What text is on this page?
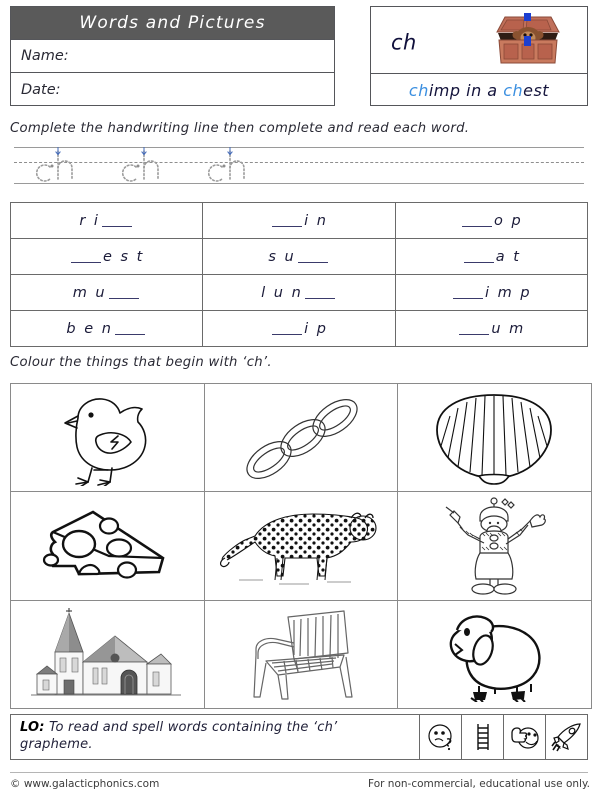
Words and Pictures
Name:
Date:
ch
ch imp in a ch est
Complete the handwriting line then complete and read each word.
r i	i n	o p
e s t	s u	a t
m u	l u n	i m p
b e n	i p	u m
Colour the things that begin with ‘ch’.

LO: To read and spell words containing the ‘ch’ grapheme.
© www.galacticphonics.com	For non-commercial, educational use only.
